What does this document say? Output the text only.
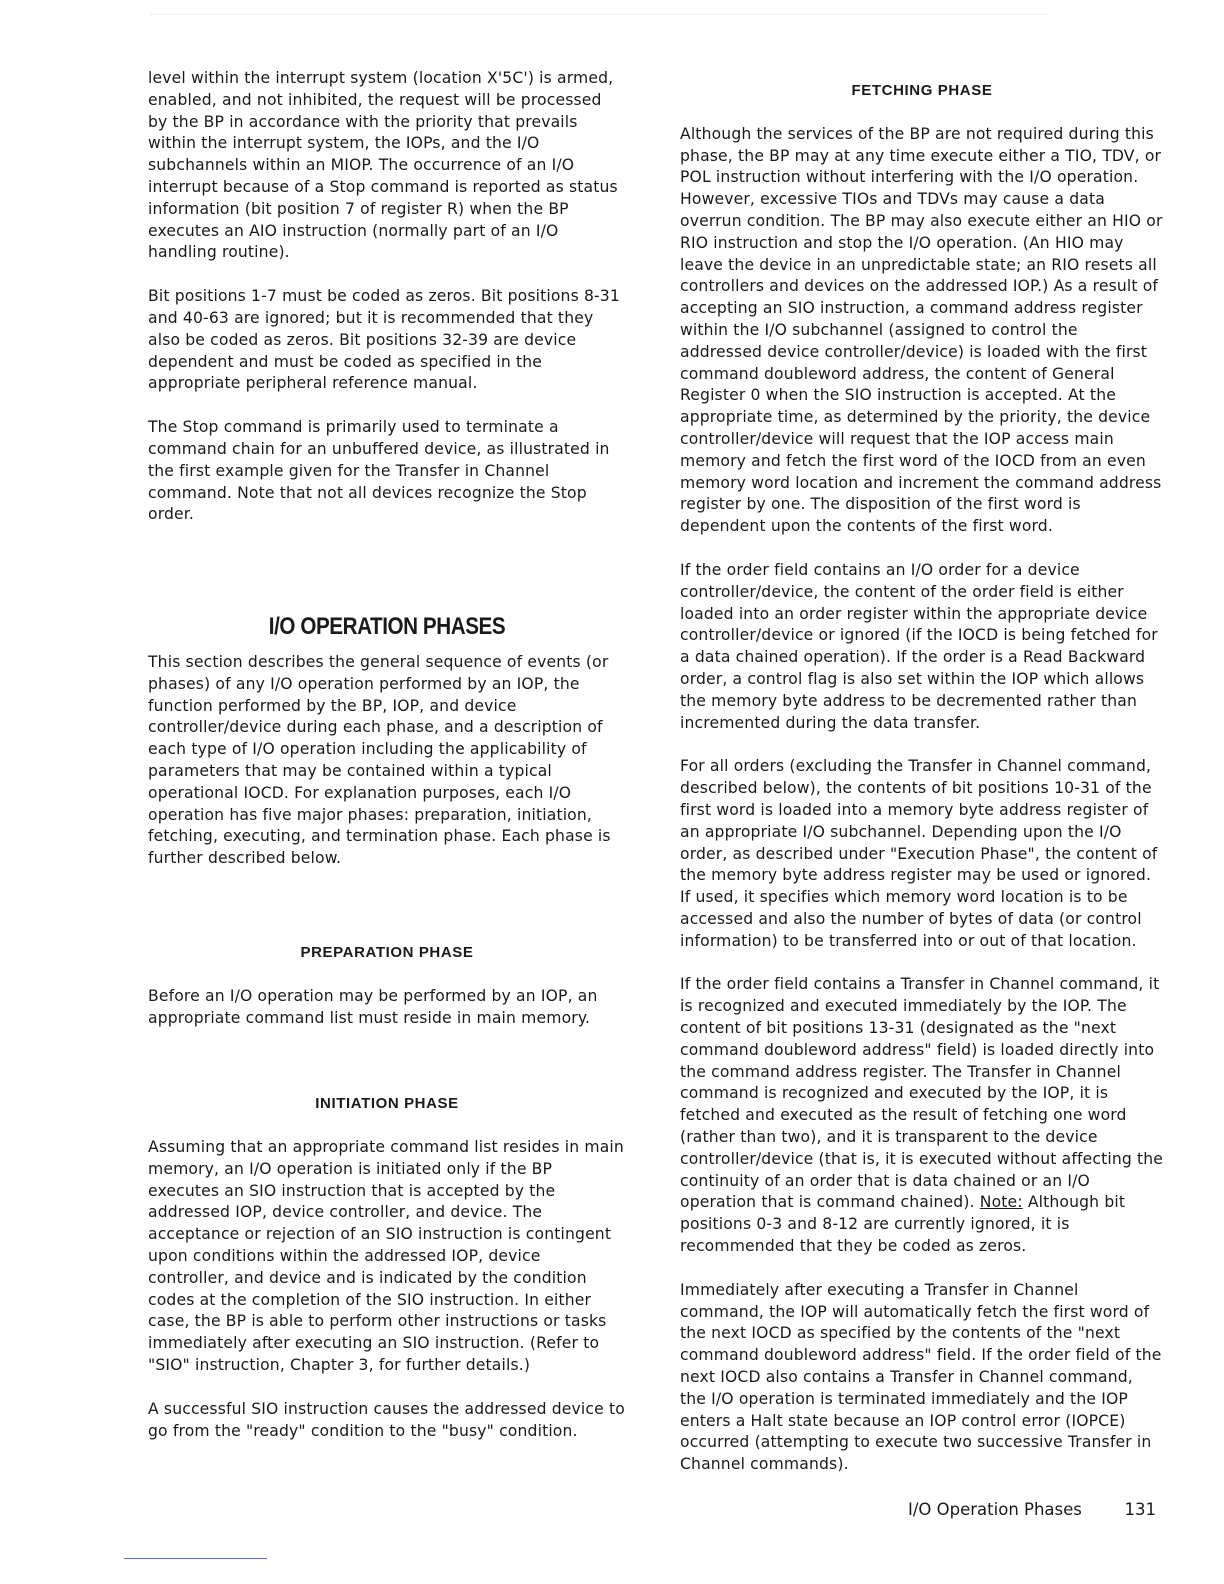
level within the interrupt system (location X'5C') is armed, enabled, and not inhibited, the request will be processed by the BP in accordance with the priority that prevails within the interrupt system, the IOPs, and the I/O subchannels within an MIOP. The occurrence of an I/O interrupt because of a Stop command is reported as status information (bit position 7 of register R) when the BP executes an AIO instruction (normally part of an I/O handling routine).

Bit positions 1-7 must be coded as zeros. Bit positions 8-31 and 40-63 are ignored; but it is recommended that they also be coded as zeros. Bit positions 32-39 are device dependent and must be coded as specified in the appropriate peripheral reference manual.

The Stop command is primarily used to terminate a command chain for an unbuffered device, as illustrated in the first example given for the Transfer in Channel command. Note that not all devices recognize the Stop order.

I/O OPERATION PHASES

This section describes the general sequence of events (or phases) of any I/O operation performed by an IOP, the function performed by the BP, IOP, and device controller/device during each phase, and a description of each type of I/O operation including the applicability of parameters that may be contained within a typical operational IOCD. For explanation purposes, each I/O operation has five major phases: preparation, initiation, fetching, executing, and termination phase. Each phase is further described below.

PREPARATION PHASE

Before an I/O operation may be performed by an IOP, an appropriate command list must reside in main memory.

INITIATION PHASE

Assuming that an appropriate command list resides in main memory, an I/O operation is initiated only if the BP executes an SIO instruction that is accepted by the addressed IOP, device controller, and device. The acceptance or rejection of an SIO instruction is contingent upon conditions within the addressed IOP, device controller, and device and is indicated by the condition codes at the completion of the SIO instruction. In either case, the BP is able to perform other instructions or tasks immediately after executing an SIO instruction. (Refer to "SIO" instruction, Chapter 3, for further details.)

A successful SIO instruction causes the addressed device to go from the "ready" condition to the "busy" condition.

FETCHING PHASE

Although the services of the BP are not required during this phase, the BP may at any time execute either a TIO, TDV, or POL instruction without interfering with the I/O operation. However, excessive TIOs and TDVs may cause a data overrun condition. The BP may also execute either an HIO or RIO instruction and stop the I/O operation. (An HIO may leave the device in an unpredictable state; an RIO resets all controllers and devices on the addressed IOP.) As a result of accepting an SIO instruction, a command address register within the I/O subchannel (assigned to control the addressed device controller/device) is loaded with the first command doubleword address, the content of General Register 0 when the SIO instruction is accepted. At the appropriate time, as determined by the priority, the device controller/device will request that the IOP access main memory and fetch the first word of the IOCD from an even memory word location and increment the command address register by one. The disposition of the first word is dependent upon the contents of the first word.

If the order field contains an I/O order for a device controller/device, the content of the order field is either loaded into an order register within the appropriate device controller/device or ignored (if the IOCD is being fetched for a data chained operation). If the order is a Read Backward order, a control flag is also set within the IOP which allows the memory byte address to be decremented rather than incremented during the data transfer.

For all orders (excluding the Transfer in Channel command, described below), the contents of bit positions 10-31 of the first word is loaded into a memory byte address register of an appropriate I/O subchannel. Depending upon the I/O order, as described under "Execution Phase", the content of the memory byte address register may be used or ignored. If used, it specifies which memory word location is to be accessed and also the number of bytes of data (or control information) to be transferred into or out of that location.

If the order field contains a Transfer in Channel command, it is recognized and executed immediately by the IOP. The content of bit positions 13-31 (designated as the "next command doubleword address" field) is loaded directly into the command address register. The Transfer in Channel command is recognized and executed by the IOP, it is fetched and executed as the result of fetching one word (rather than two), and it is transparent to the device controller/device (that is, it is executed without affecting the continuity of an order that is data chained or an I/O operation that is command chained). Note: Although bit positions 0-3 and 8-12 are currently ignored, it is recommended that they be coded as zeros.

Immediately after executing a Transfer in Channel command, the IOP will automatically fetch the first word of the next IOCD as specified by the contents of the "next command doubleword address" field. If the order field of the next IOCD also contains a Transfer in Channel command, the I/O operation is terminated immediately and the IOP enters a Halt state because an IOP control error (IOPCE) occurred (attempting to execute two successive Transfer in Channel commands).

I/O Operation Phases	131
